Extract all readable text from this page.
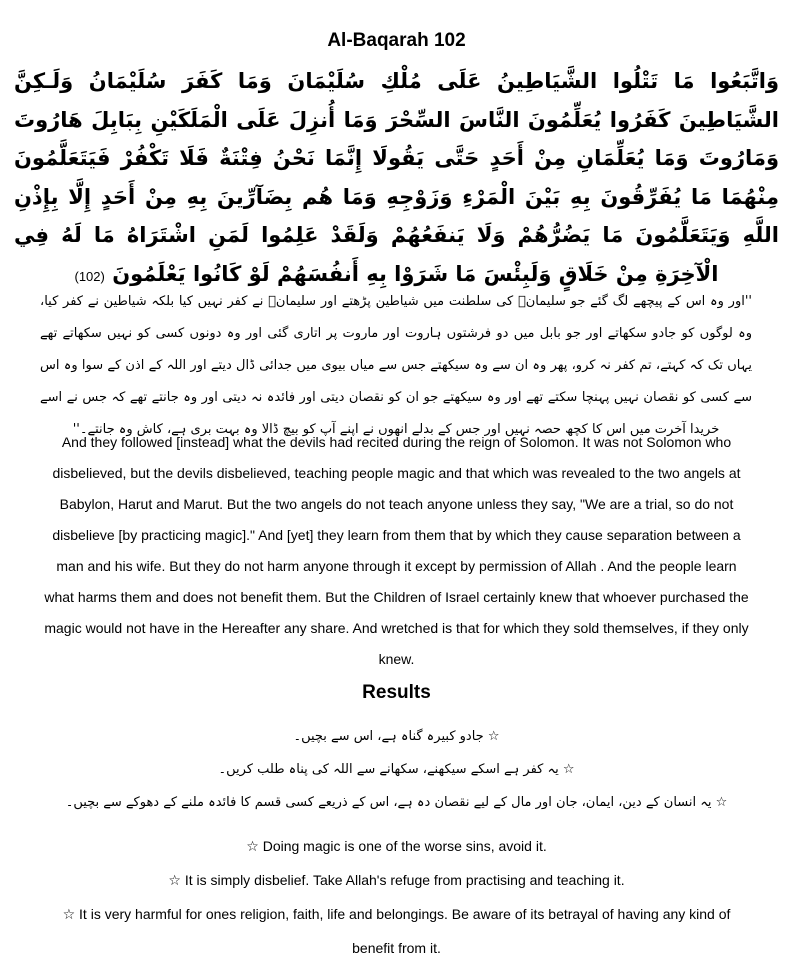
Al-Baqarah 102
وَاتَّبَعُوا مَا تَتْلُوا الشَّيَاطِينُ عَلَى مُلْكِ سُلَيْمَانَ وَمَا كَفَرَ سُلَيْمَانُ وَلَـكِنَّ الشَّيَاطِينَ كَفَرُوا يُعَلِّمُونَ النَّاسَ السِّحْرَ وَمَا أُنزِلَ عَلَى الْمَلَكَيْنِ بِبَابِلَ هَارُوتَ وَمَارُوتَ وَمَا يُعَلِّمَانِ مِنْ أَحَدٍ حَتَّى يَقُولَا إِنَّمَا نَحْنُ فِتْنَةٌ فَلَا تَكْفُرْ فَيَتَعَلَّمُونَ مِنْهُمَا مَا يُفَرِّقُونَ بِهِ بَيْنَ الْمَرْءِ وَزَوْجِهِ وَمَا هُم بِضَآرِّينَ بِهِ مِنْ أَحَدٍ إِلَّا بِإِذْنِ اللَّهِ وَيَتَعَلَّمُونَ مَا يَضُرُّهُمْ وَلَا يَنفَعُهُمْ وَلَقَدْ عَلِمُوا لَمَنِ اشْتَرَاهُ مَا لَهُ فِي الْآخِرَةِ مِنْ خَلَاقٍ وَلَبِئْسَ مَا شَرَوْا بِهِ أَنفُسَهُمْ لَوْ كَانُوا يَعْلَمُونَ (102)
''اور وہ اس کے پیچھے لگ گئے جو سلیمانؑ کی سلطنت میں شیاطین پڑھتے اور سلیمانؑ نے کفر نہیں کیا بلکہ شیاطین نے کفر کیا، وہ لوگوں کو جادو سکھاتے اور جو بابل میں دو فرشتوں ہاروت اور ماروت پر اتاری گئی اور وہ دونوں کسی کو نہیں سکھاتے تھے یہاں تک کہ کہتے، تم کفر نہ کرو، پھر وہ ان سے وہ سیکھتے جس سے میاں بیوی میں جدائی ڈال دیتے اور اللہ کے اذن کے سوا وہ اس سے کسی کو نقصان نہیں پہنچا سکتے تھے اور وہ سیکھتے جو ان کو نقصان دیتی اور فائدہ نہ دیتی اور وہ جانتے تھے کہ جس نے اسے خریدا آخرت میں اس کا کچھ حصہ نہیں اور جس کے بدلے انھوں نے اپنے آپ کو بیچ ڈالا وہ بہت بری ہے، کاش وہ جانتے۔''
And they followed [instead] what the devils had recited during the reign of Solomon. It was not Solomon who disbelieved, but the devils disbelieved, teaching people magic and that which was revealed to the two angels at Babylon, Harut and Marut. But the two angels do not teach anyone unless they say, "We are a trial, so do not disbelieve [by practicing magic]." And [yet] they learn from them that by which they cause separation between a man and his wife. But they do not harm anyone through it except by permission of Allah . And the people learn what harms them and does not benefit them. But the Children of Israel certainly knew that whoever purchased the magic would not have in the Hereafter any share. And wretched is that for which they sold themselves, if they only knew.
Results
☆ جادو کبیرہ گناہ ہے، اس سے بچیں۔
☆ یہ کفر ہے اسکے سیکھنے، سکھانے سے اللہ کی پناہ طلب کریں۔
☆ یہ انسان کے دین، ایمان، جان اور مال کے لیے نقصان دہ ہے، اس کے ذریعے کسی قسم کا فائدہ ملنے کے دھوکے سے بچیں۔
☆ Doing magic is one of the worse sins, avoid it.
☆ It is simply disbelief. Take Allah's refuge from practising and teaching it.
☆ It is very harmful for ones religion, faith, life and belongings. Be aware of its betrayal of having any kind of benefit from it.
